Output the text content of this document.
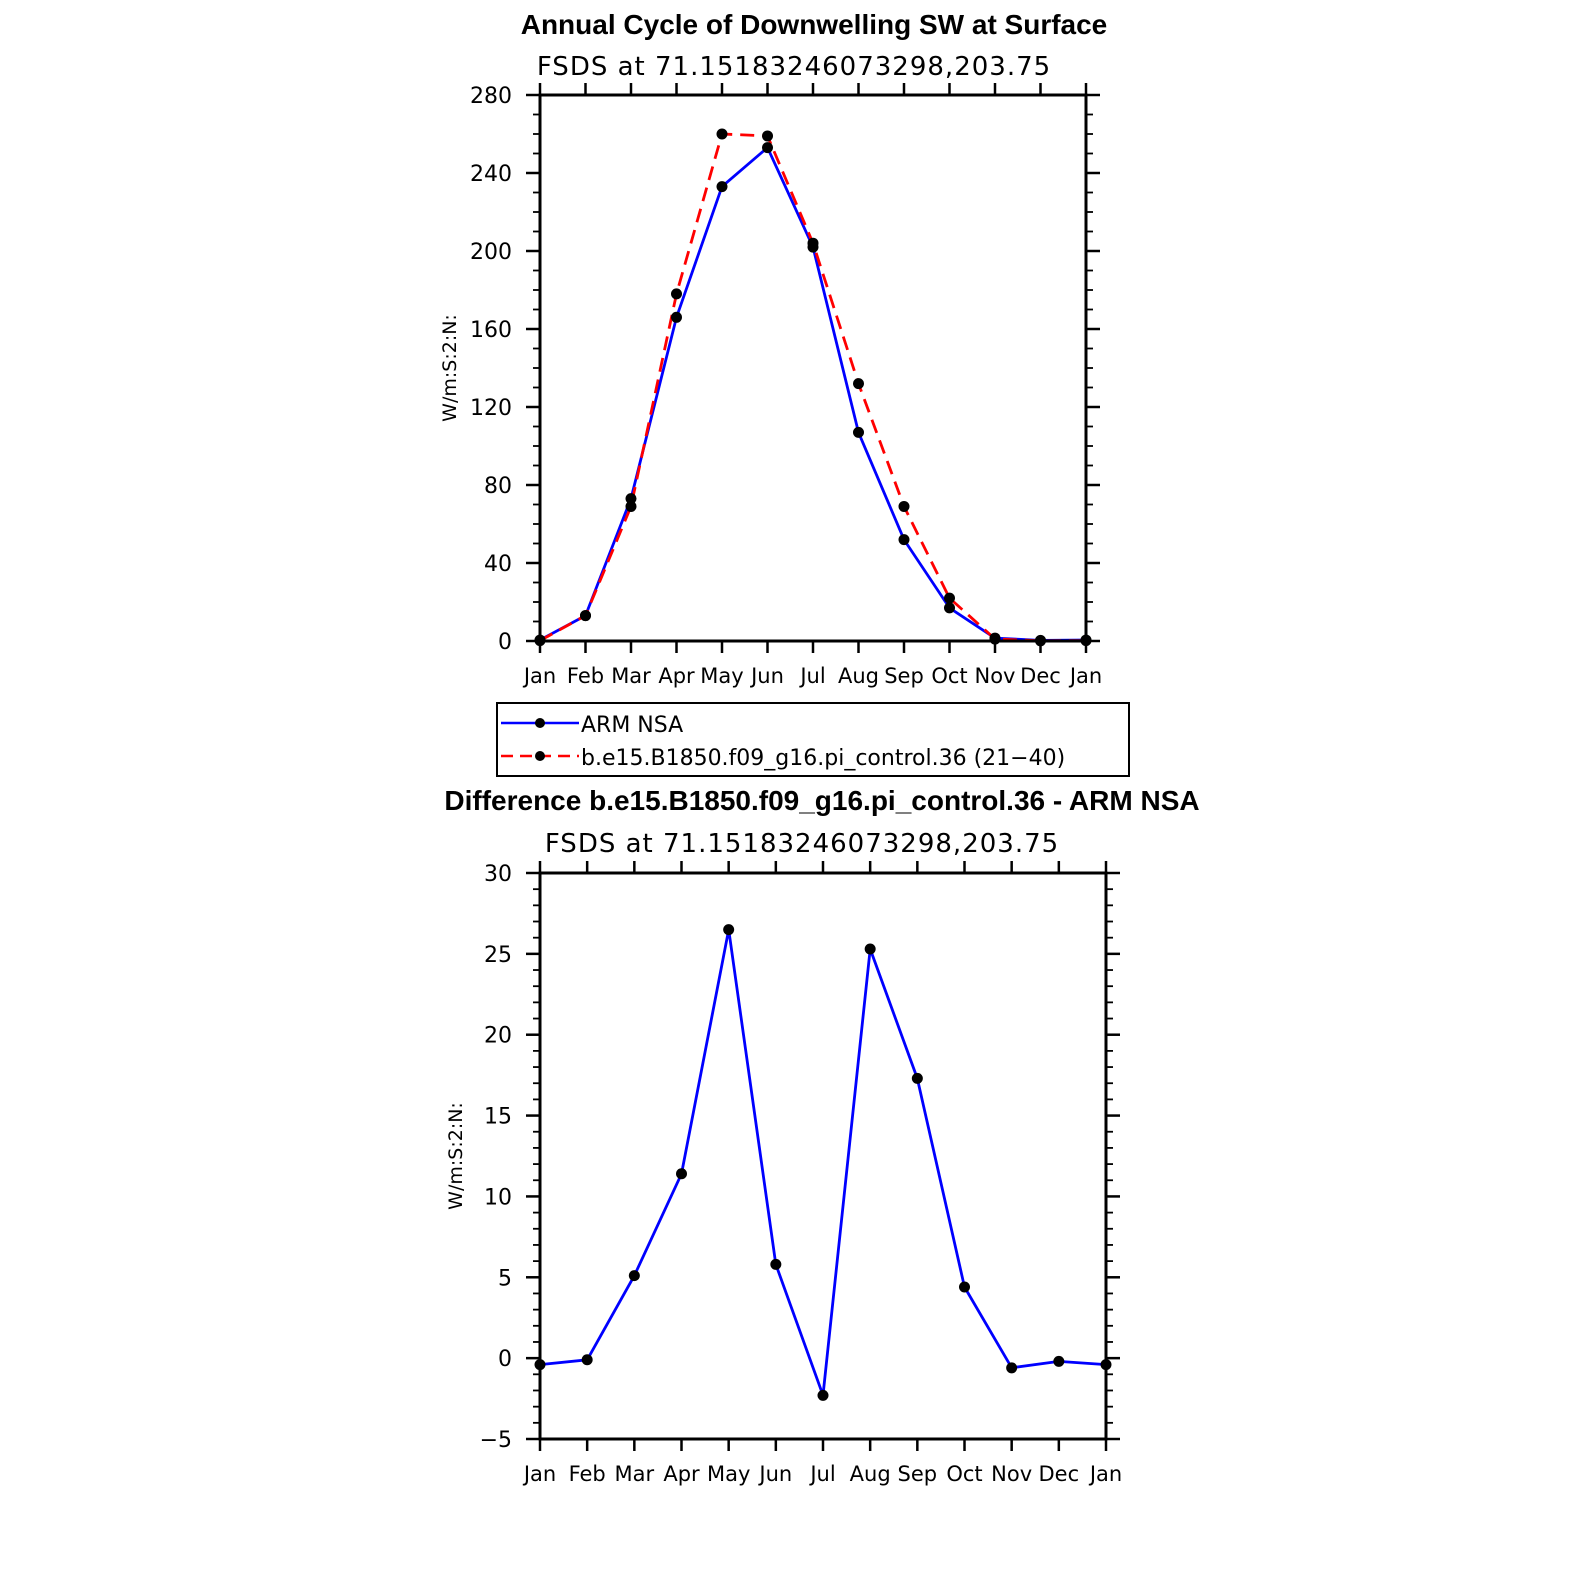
Annual Cycle of Downwelling SW at Surface
FSDS at 71.15183246073298,203.75
W/m:S:2:N:
Jan Feb Mar Apr May Jun Jul Aug Sep Oct Nov Dec Jan
0
40
80
120
160
200
240
280
ARM NSA
b.e15.B1850.f09_g16.pi_control.36 (21−40)
Difference b.e15.B1850.f09_g16.pi_control.36 - ARM NSA
FSDS at 71.15183246073298,203.75
W/m:S:2:N:
Jan Feb Mar Apr May Jun Jul Aug Sep Oct Nov Dec Jan
−5
0
5
10
15
20
25
30
